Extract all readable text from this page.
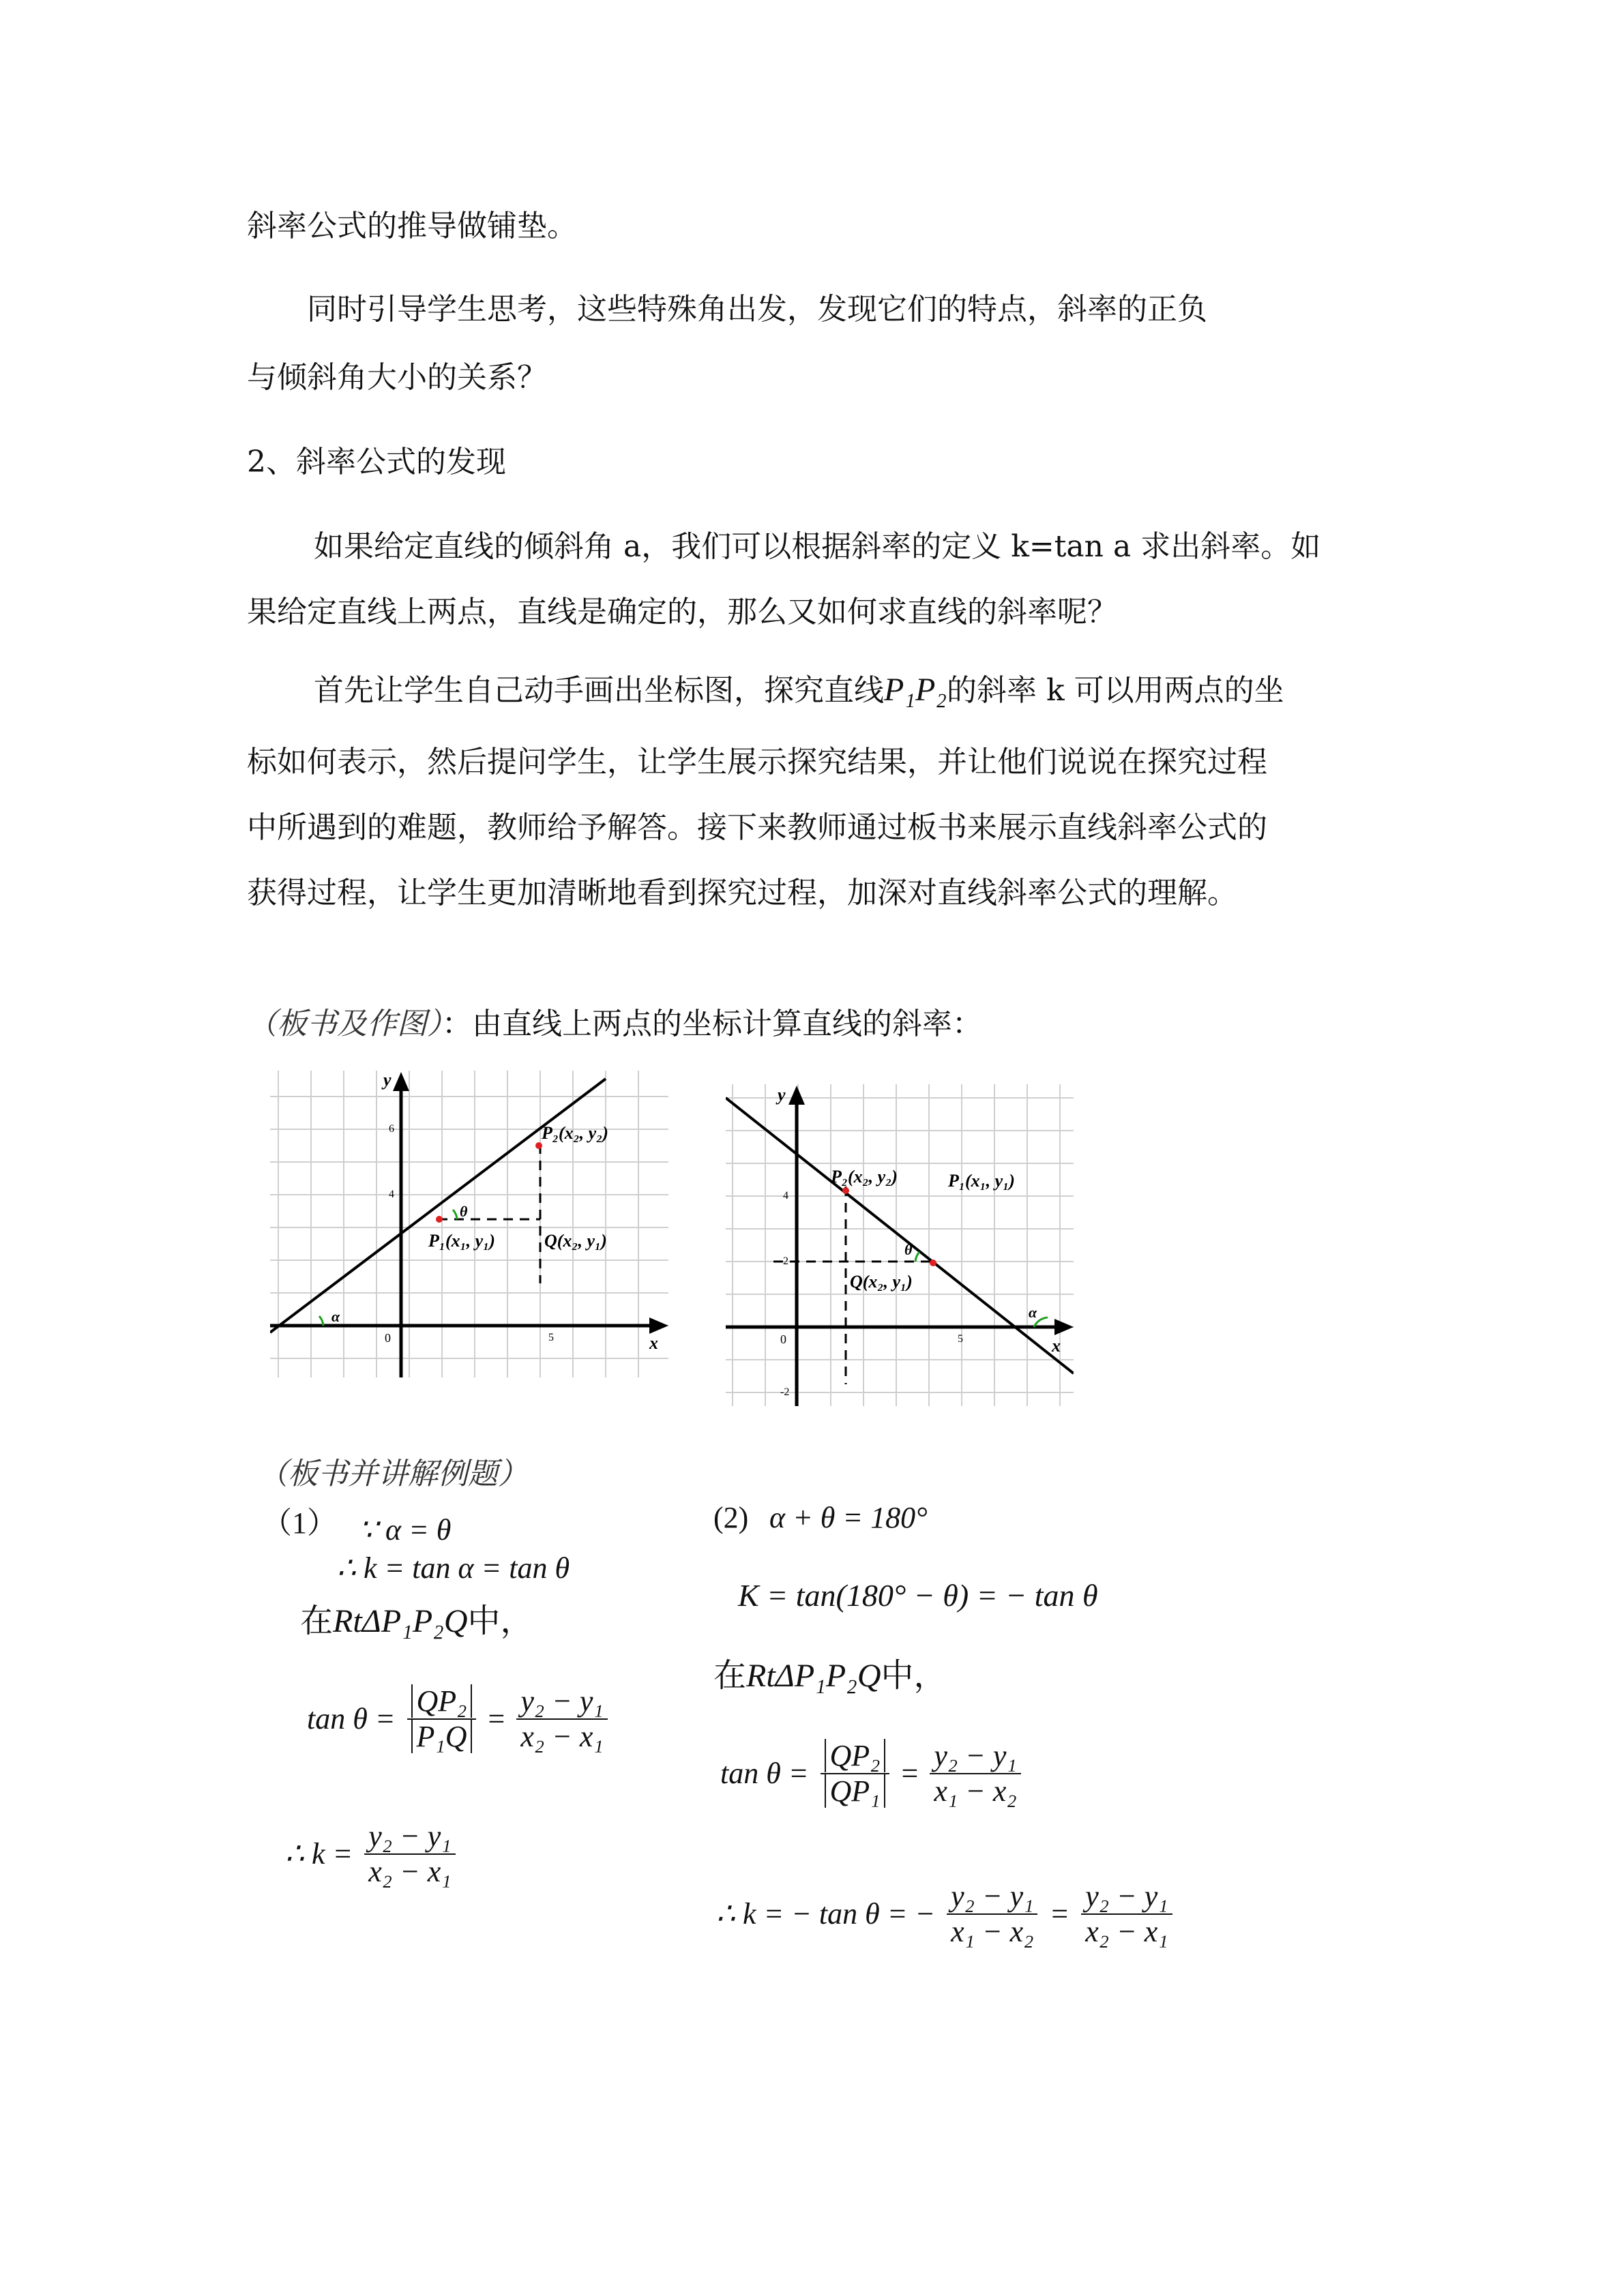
斜率公式的推导做铺垫。
同时引导学生思考，这些特殊角出发，发现它们的特点，斜率的正负
与倾斜角大小的关系？
2、斜率公式的发现
如果给定直线的倾斜角 a，我们可以根据斜率的定义 k=tan a 求出斜率。如
果给定直线上两点，直线是确定的，那么又如何求直线的斜率呢？
首先让学生自己动手画出坐标图，探究直线P₁P₂的斜率 k 可以用两点的坐
标如何表示，然后提问学生，让学生展示探究结果，并让他们说说在探究过程
中所遇到的难题，教师给予解答。接下来教师通过板书来展示直线斜率公式的
获得过程，让学生更加清晰地看到探究过程，加深对直线斜率公式的理解。
（板书及作图）：由直线上两点的坐标计算直线的斜率：
y
x
0	5
4
6	P₂(x₂, y₂)
P₁(x₁, y₁)	Q(x₂, y₁)
θ
α
y
x
0	5
4
2
-2
P₂(x₂, y₂)	P₁(x₁, y₁)
Q(x₂, y₁)
θ
α
（板书并讲解例题）
（1） ∵ α = θ
∴ k = tan α = tan θ
在RtΔP₁P₂Q中，
$\tan \theta = \frac{\text{QP₂}}{\text{P₁Q}} = \frac{\text{y₂ − y₁}}{\text{x₂ − x₁}}$
∴ $k = \frac{\text{y₂ − y₁}}{\text{x₂ − x₁}}$
(2) α + θ = 180°
K = tan(180° − θ) = − tan θ
在RtΔP₁P₂Q中，
$\tan \theta = \frac{\text{QP₂}}{\text{QP₁}} = \frac{\text{y₂ − y₁}}{\text{x₁ − x₂}}$
∴ k = − tan θ = − $\frac{\text{y₂ − y₁}}{\text{x₁ − x₂}} = \frac{\text{y₂ − y₁}}{\text{x₂ − x₁}}$
